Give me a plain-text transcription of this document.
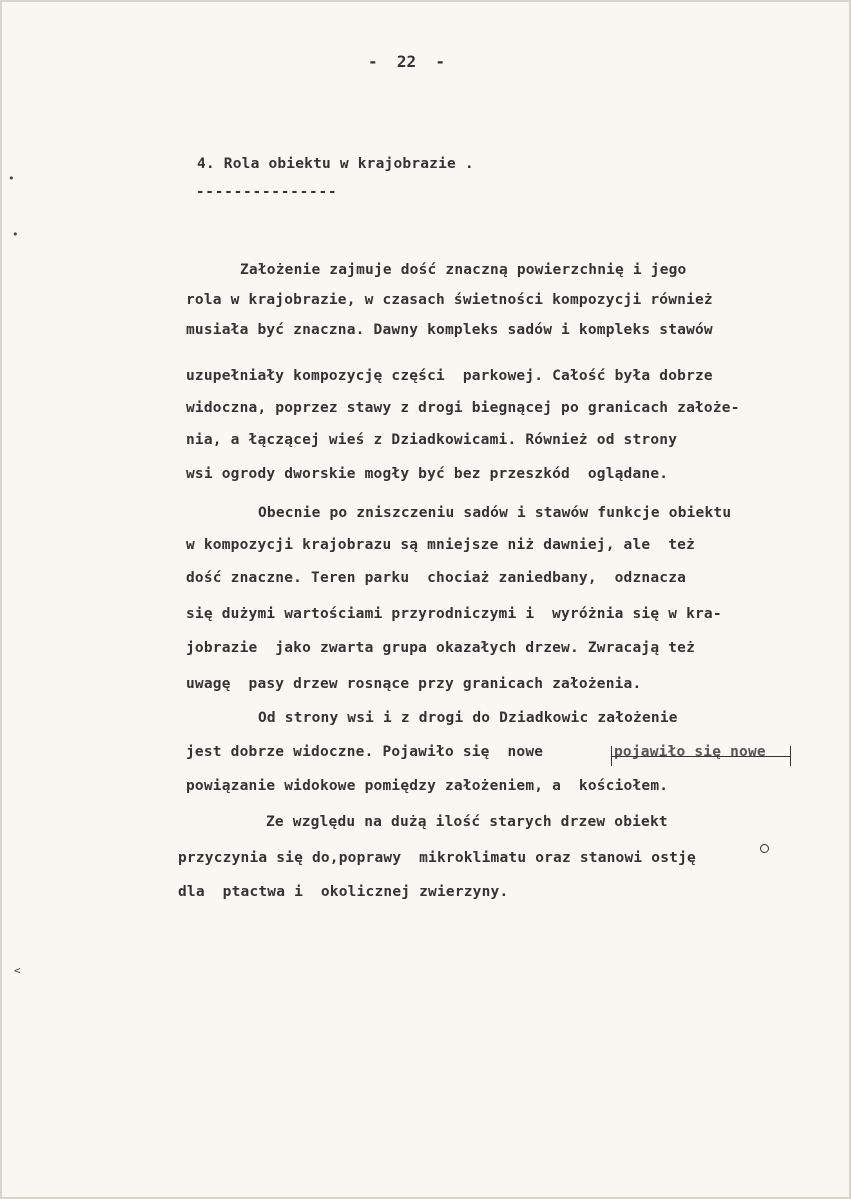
-  22  -
4. Rola obiektu w krajobrazie .
---------------
Założenie zajmuje dość znaczną powierzchnię i jego
rola w krajobrazie, w czasach świetności kompozycji również
musiała być znaczna. Dawny kompleks sadów i kompleks stawów
uzupełniały kompozycję części  parkowej. Całość była dobrze
widoczna, poprzez stawy z drogi biegnącej po granicach założe-
nia, a łączącej wieś z Dziadkowicami. Również od strony
wsi ogrody dworskie mogły być bez przeszkód  oglądane.
Obecnie po zniszczeniu sadów i stawów funkcje obiektu
w kompozycji krajobrazu są mniejsze niż dawniej, ale  też
dość znaczne. Teren parku  chociaż zaniedbany,  odznacza
się dużymi wartościami przyrodniczymi i  wyróżnia się w kra-
jobrazie  jako zwarta grupa okazałych drzew. Zwracają też
uwagę  pasy drzew rosnące przy granicach założenia.
Od strony wsi i z drogi do Dziadkowic założenie
jest dobrze widoczne. Pojawiło się  nowe	pojawiło się nowe
powiązanie widokowe pomiędzy założeniem, a  kościołem.
Ze względu na dużą ilość starych drzew obiekt
przyczynia się do,poprawy  mikroklimatu oraz stanowi ostję
dla  ptactwa i  okolicznej zwierzyny.
•
•
<
